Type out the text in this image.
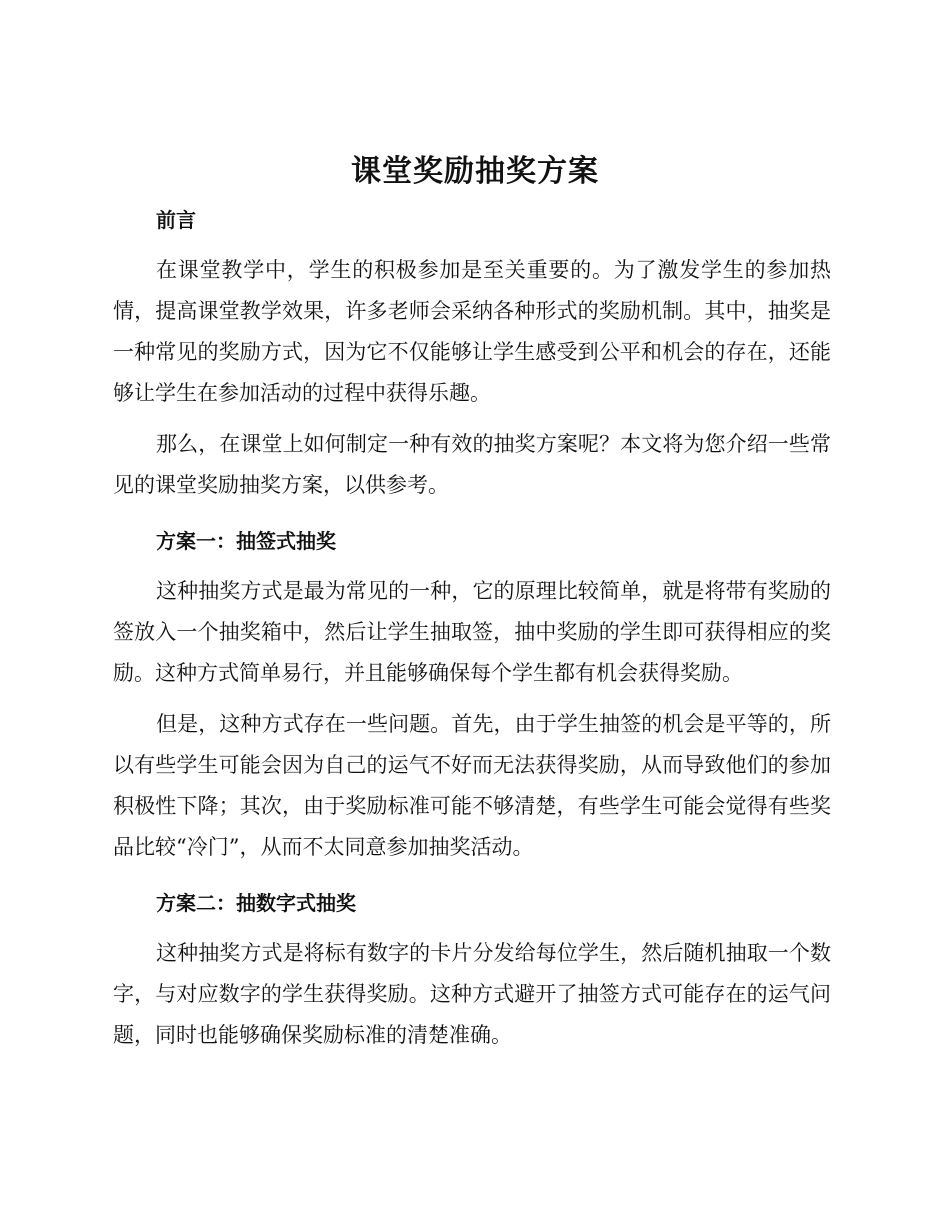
课堂奖励抽奖方案
前言

在课堂教学中，学生的积极参加是至关重要的。为了激发学生的参加热情，提高课堂教学效果，许多老师会采纳各种形式的奖励机制。其中，抽奖是一种常见的奖励方式，因为它不仅能够让学生感受到公平和机会的存在，还能够让学生在参加活动的过程中获得乐趣。

那么，在课堂上如何制定一种有效的抽奖方案呢？本文将为您介绍一些常见的课堂奖励抽奖方案，以供参考。

方案一：抽签式抽奖

这种抽奖方式是最为常见的一种，它的原理比较简单，就是将带有奖励的签放入一个抽奖箱中，然后让学生抽取签，抽中奖励的学生即可获得相应的奖励。这种方式简单易行，并且能够确保每个学生都有机会获得奖励。

但是，这种方式存在一些问题。首先，由于学生抽签的机会是平等的，所以有些学生可能会因为自己的运气不好而无法获得奖励，从而导致他们的参加积极性下降；其次，由于奖励标准可能不够清楚，有些学生可能会觉得有些奖品比较“冷门”，从而不太同意参加抽奖活动。

方案二：抽数字式抽奖

这种抽奖方式是将标有数字的卡片分发给每位学生，然后随机抽取一个数字，与对应数字的学生获得奖励。这种方式避开了抽签方式可能存在的运气问题，同时也能够确保奖励标准的清楚准确。
